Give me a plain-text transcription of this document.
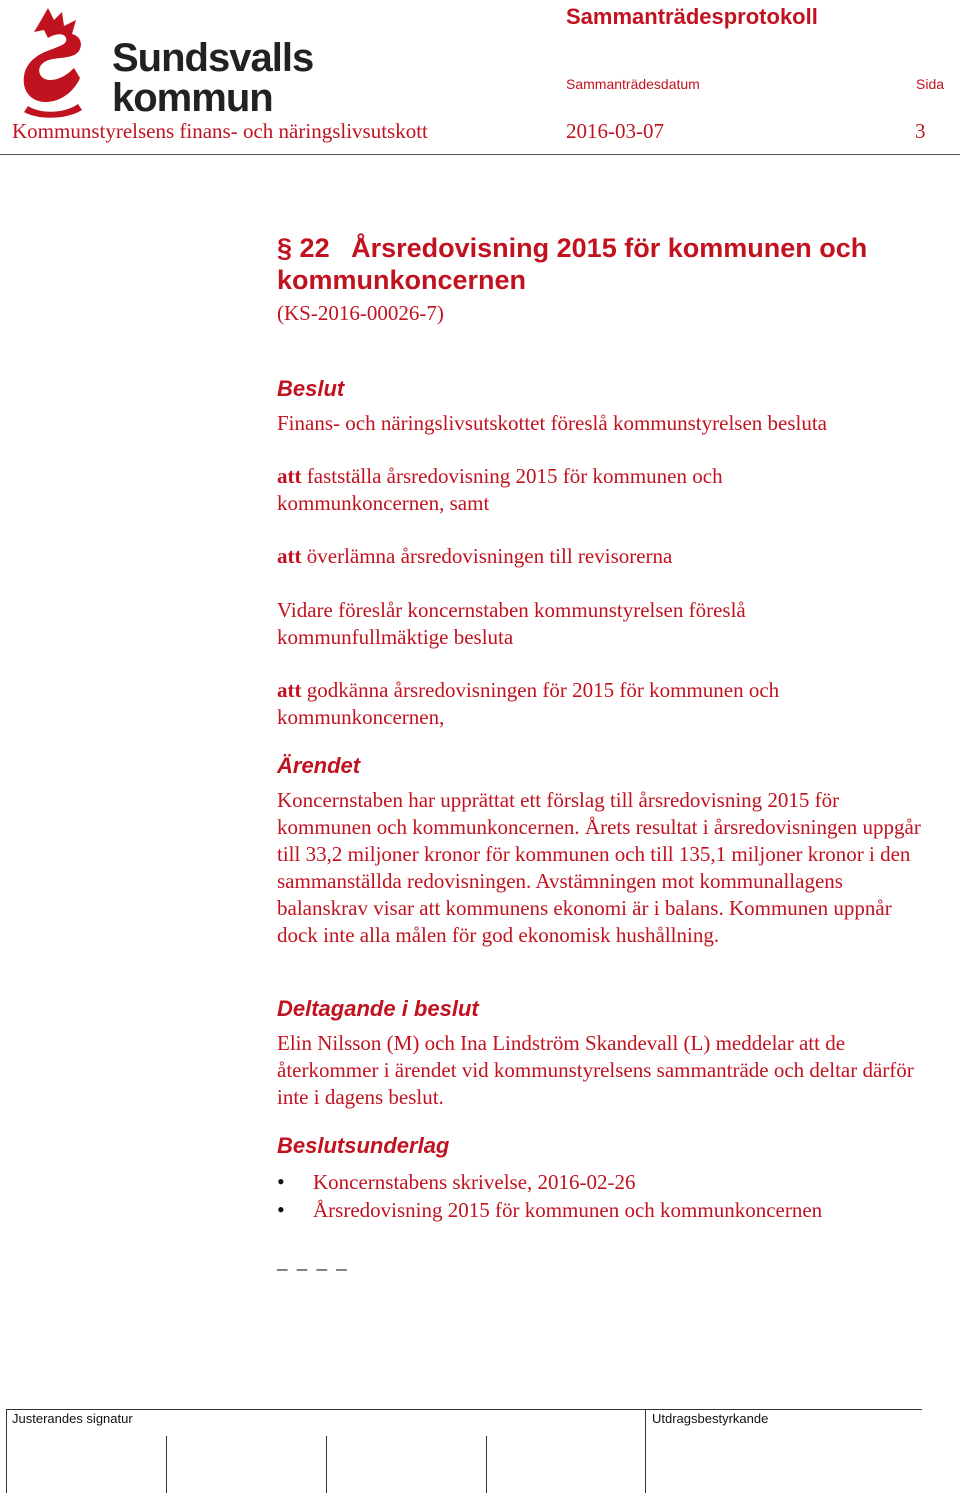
Sundsvalls
kommun
Sammanträdesprotokoll
Sammanträdesdatum	Sida
Kommunstyrelsens finans- och näringslivsutskott	2016-03-07	3
§ 22 Årsredovisning 2015 för kommunen och kommunkoncernen
(KS-2016-00026-7)
Beslut
Finans- och näringslivsutskottet föreslå kommunstyrelsen besluta
att fastställa årsredovisning 2015 för kommunen och kommunkoncernen, samt
att överlämna årsredovisningen till revisorerna
Vidare föreslår koncernstaben kommunstyrelsen föreslå kommunfullmäktige besluta
att godkänna årsredovisningen för 2015 för kommunen och kommunkoncernen,
Ärendet
Koncernstaben har upprättat ett förslag till årsredovisning 2015 för kommunen och kommunkoncernen. Årets resultat i årsredovisningen uppgår till 33,2 miljoner kronor för kommunen och till 135,1 miljoner kronor i den sammanställda redovisningen. Avstämningen mot kommunallagens balanskrav visar att kommunens ekonomi är i balans. Kommunen uppnår dock inte alla målen för god ekonomisk hushållning.
Deltagande i beslut
Elin Nilsson (M) och Ina Lindström Skandevall (L) meddelar att de återkommer i ärendet vid kommunstyrelsens sammanträde och deltar därför inte i dagens beslut.
Beslutsunderlag
• Koncernstabens skrivelse, 2016-02-26
• Årsredovisning 2015 för kommunen och kommunkoncernen
– – – –
Justerandes signatur	Utdragsbestyrkande
